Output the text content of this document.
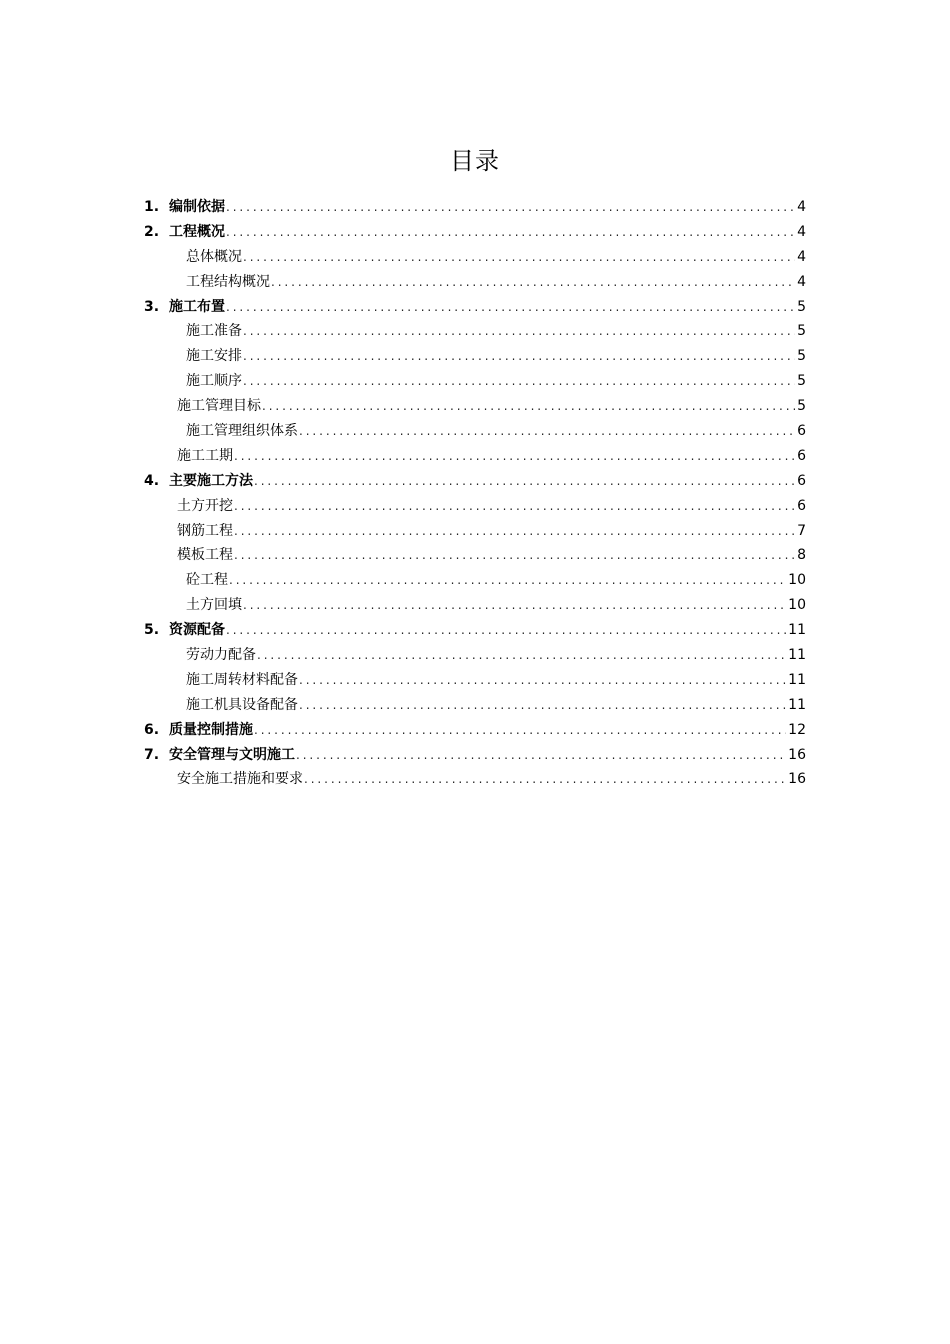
目录
1. 编制依据 .....	4
2. 工程概况 .....	4
总体概况 .....	4
工程结构概况 .....	4
3. 施工布置 .....	5
施工准备 .....	5
施工安排 .....	5
施工顺序 .....	5
施工管理目标 .....	5
施工管理组织体系 .....	6
施工工期 .....	6
4. 主要施工方法 .....	6
土方开挖 .....	6
钢筋工程 .....	7
模板工程 .....	8
砼工程 .....	10
土方回填 .....	10
5. 资源配备 .....	11
劳动力配备 .....	11
施工周转材料配备 .....	11
施工机具设备配备 .....	11
6. 质量控制措施 .....	12
7. 安全管理与文明施工 .....	16
安全施工措施和要求 .....	16
